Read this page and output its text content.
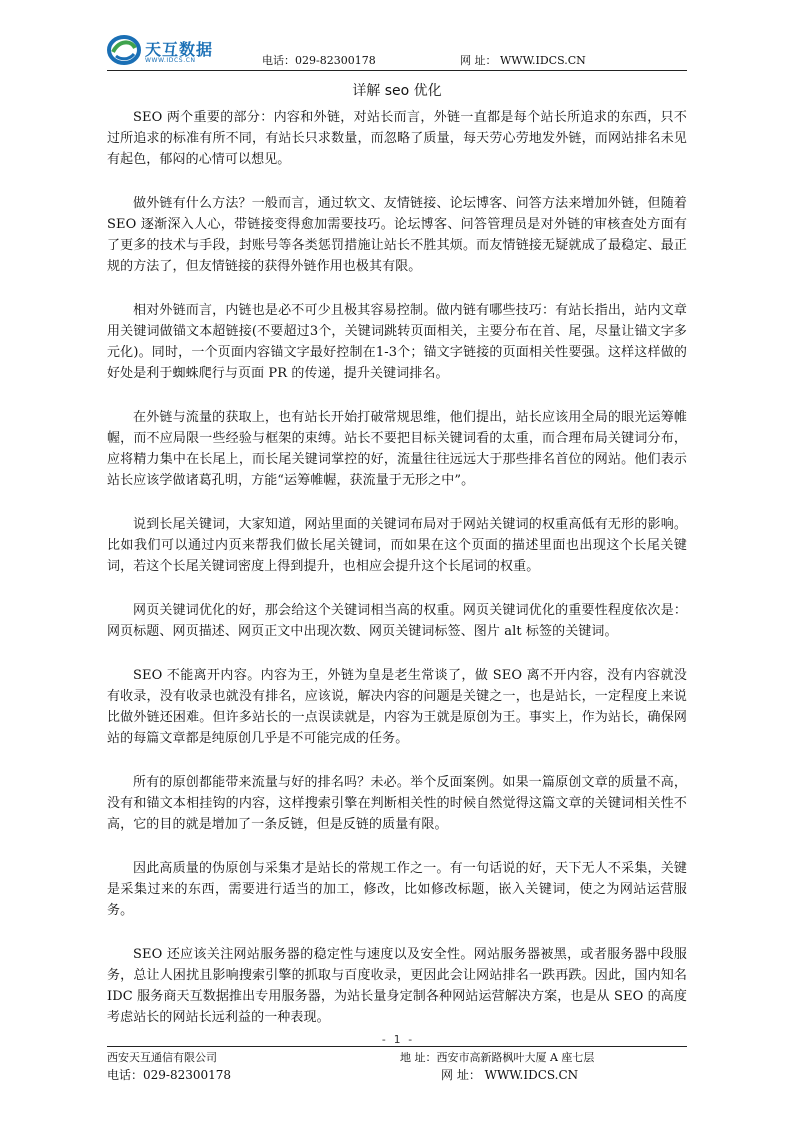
天互数据
WWW.IDCS.CN	电话：029-82300178	网 址： WWW.IDCS.CN
详解 seo 优化

SEO 两个重要的部分：内容和外链，对站长而言，外链一直都是每个站长所追求的东西，只不过所追求的标准有所不同，有站长只求数量，而忽略了质量，每天劳心劳地发外链，而网站排名未见有起色，郁闷的心情可以想见。

做外链有什么方法？一般而言，通过软文、友情链接、论坛博客、问答方法来增加外链，但随着 SEO 逐渐深入人心，带链接变得愈加需要技巧。论坛博客、问答管理员是对外链的审核查处方面有了更多的技术与手段，封账号等各类惩罚措施让站长不胜其烦。而友情链接无疑就成了最稳定、最正规的方法了，但友情链接的获得外链作用也极其有限。

相对外链而言，内链也是必不可少且极其容易控制。做内链有哪些技巧：有站长指出，站内文章用关键词做锚文本超链接(不要超过3个，关键词跳转页面相关，主要分布在首、尾，尽量让锚文字多元化)。同时，一个页面内容锚文字最好控制在1-3个；锚文字链接的页面相关性要强。这样这样做的好处是利于蜘蛛爬行与页面 PR 的传递，提升关键词排名。

在外链与流量的获取上，也有站长开始打破常规思维，他们提出，站长应该用全局的眼光运筹帷幄，而不应局限一些经验与框架的束缚。站长不要把目标关键词看的太重，而合理布局关键词分布，应将精力集中在长尾上，而长尾关键词掌控的好，流量往往远远大于那些排名首位的网站。他们表示站长应该学做诸葛孔明，方能“运筹帷幄，获流量于无形之中”。

说到长尾关键词，大家知道，网站里面的关键词布局对于网站关键词的权重高低有无形的影响。比如我们可以通过内页来帮我们做长尾关键词，而如果在这个页面的描述里面也出现这个长尾关键词，若这个长尾关键词密度上得到提升，也相应会提升这个长尾词的权重。

网页关键词优化的好，那会给这个关键词相当高的权重。网页关键词优化的重要性程度依次是：网页标题、网页描述、网页正文中出现次数、网页关键词标签、图片 alt 标签的关键词。

SEO 不能离开内容。内容为王，外链为皇是老生常谈了，做 SEO 离不开内容，没有内容就没有收录，没有收录也就没有排名，应该说，解决内容的问题是关键之一，也是站长，一定程度上来说比做外链还困难。但许多站长的一点误读就是，内容为王就是原创为王。事实上，作为站长，确保网站的每篇文章都是纯原创几乎是不可能完成的任务。

所有的原创都能带来流量与好的排名吗？未必。举个反面案例。如果一篇原创文章的质量不高，没有和锚文本相挂钩的内容，这样搜索引擎在判断相关性的时候自然觉得这篇文章的关键词相关性不高，它的目的就是增加了一条反链，但是反链的质量有限。

因此高质量的伪原创与采集才是站长的常规工作之一。有一句话说的好，天下无人不采集，关键是采集过来的东西，需要进行适当的加工，修改，比如修改标题，嵌入关键词，使之为网站运营服务。

SEO 还应该关注网站服务器的稳定性与速度以及安全性。网站服务器被黑，或者服务器中段服务，总让人困扰且影响搜索引擎的抓取与百度收录，更因此会让网站排名一跌再跌。因此，国内知名 IDC 服务商天互数据推出专用服务器，为站长量身定制各种网站运营解决方案，也是从 SEO 的高度考虑站长的网站长远利益的一种表现。

- 1 -
西安天互通信有限公司	地 址：西安市高新路枫叶大厦 A 座七层
电话：029-82300178	网 址： WWW.IDCS.CN
